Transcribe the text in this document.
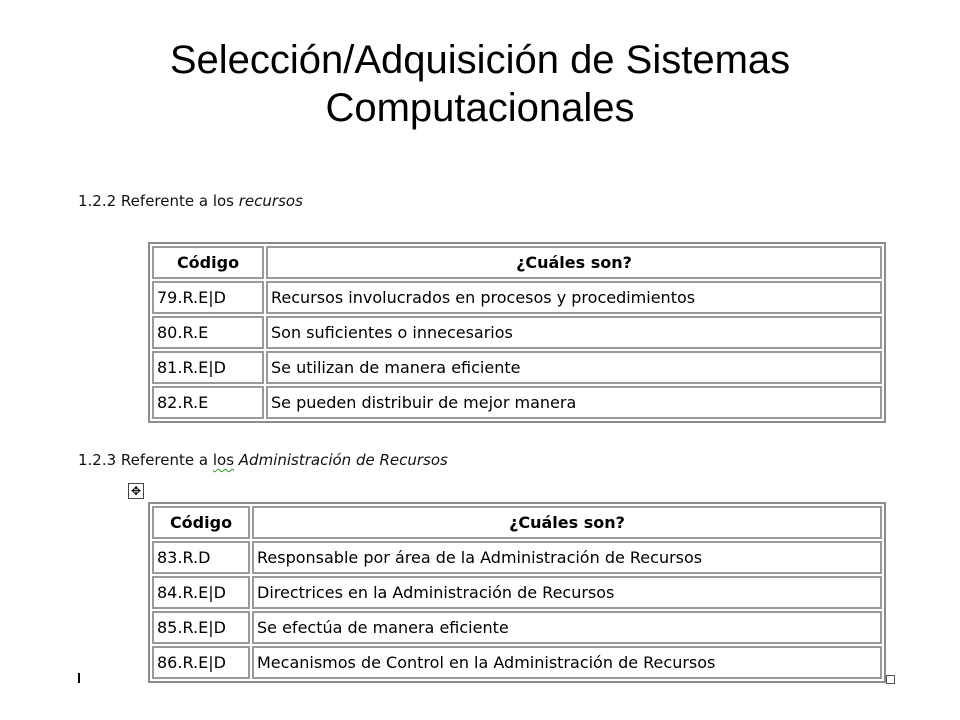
Selección/Adquisición de Sistemas
Computacionales
1.2.2 Referente a los recursos
Código	¿Cuáles son?
79.R.E|D	Recursos involucrados en procesos y procedimientos
80.R.E	Son suficientes o innecesarios
81.R.E|D	Se utilizan de manera eficiente
82.R.E	Se pueden distribuir de mejor manera
1.2.3 Referente a los Administración de Recursos
✥
Código	¿Cuáles son?
83.R.D	Responsable por área de la Administración de Recursos
84.R.E|D	Directrices en la Administración de Recursos
85.R.E|D	Se efectúa de manera eficiente
86.R.E|D	Mecanismos de Control en la Administración de Recursos
